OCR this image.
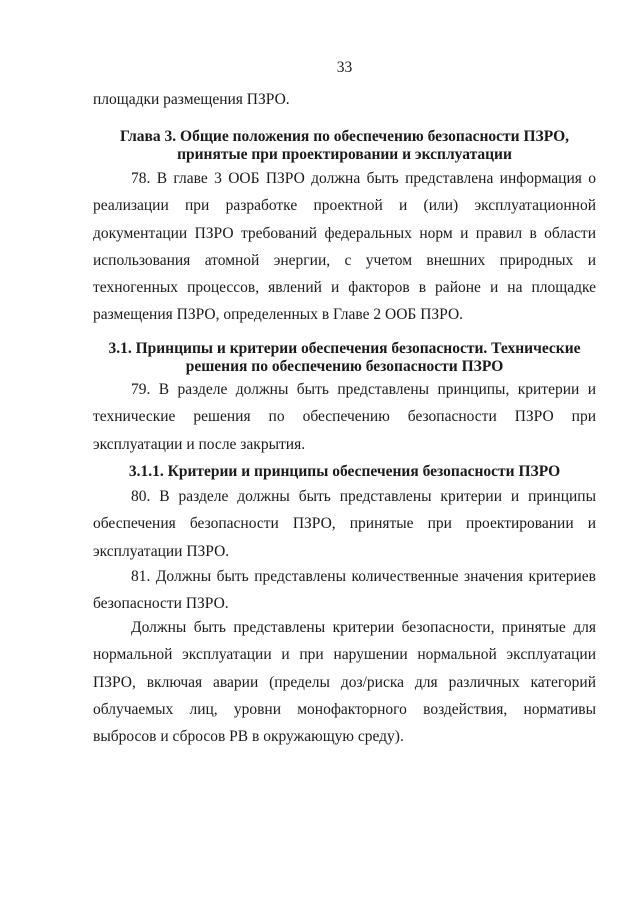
33

площадки размещения ПЗРО.

Глава 3. Общие положения по обеспечению безопасности ПЗРО,
принятые при проектировании и эксплуатации

78. В главе 3 ООБ ПЗРО должна быть представлена информация о реализации при разработке проектной и (или) эксплуатационной документации ПЗРО требований федеральных норм и правил в области использования атомной энергии, с учетом внешних природных и техногенных процессов, явлений и факторов в районе и на площадке размещения ПЗРО, определенных в Главе 2 ООБ ПЗРО.

3.1. Принципы и критерии обеспечения безопасности. Технические
решения по обеспечению безопасности ПЗРО

79. В разделе должны быть представлены принципы, критерии и технические решения по обеспечению безопасности ПЗРО при эксплуатации и после закрытия.

3.1.1. Критерии и принципы обеспечения безопасности ПЗРО

80. В разделе должны быть представлены критерии и принципы обеспечения безопасности ПЗРО, принятые при проектировании и эксплуатации ПЗРО.

81. Должны быть представлены количественные значения критериев безопасности ПЗРО.

Должны быть представлены критерии безопасности, принятые для нормальной эксплуатации и при нарушении нормальной эксплуатации ПЗРО, включая аварии (пределы доз/риска для различных категорий облучаемых лиц, уровни монофакторного воздействия, нормативы выбросов и сбросов РВ в окружающую среду).
